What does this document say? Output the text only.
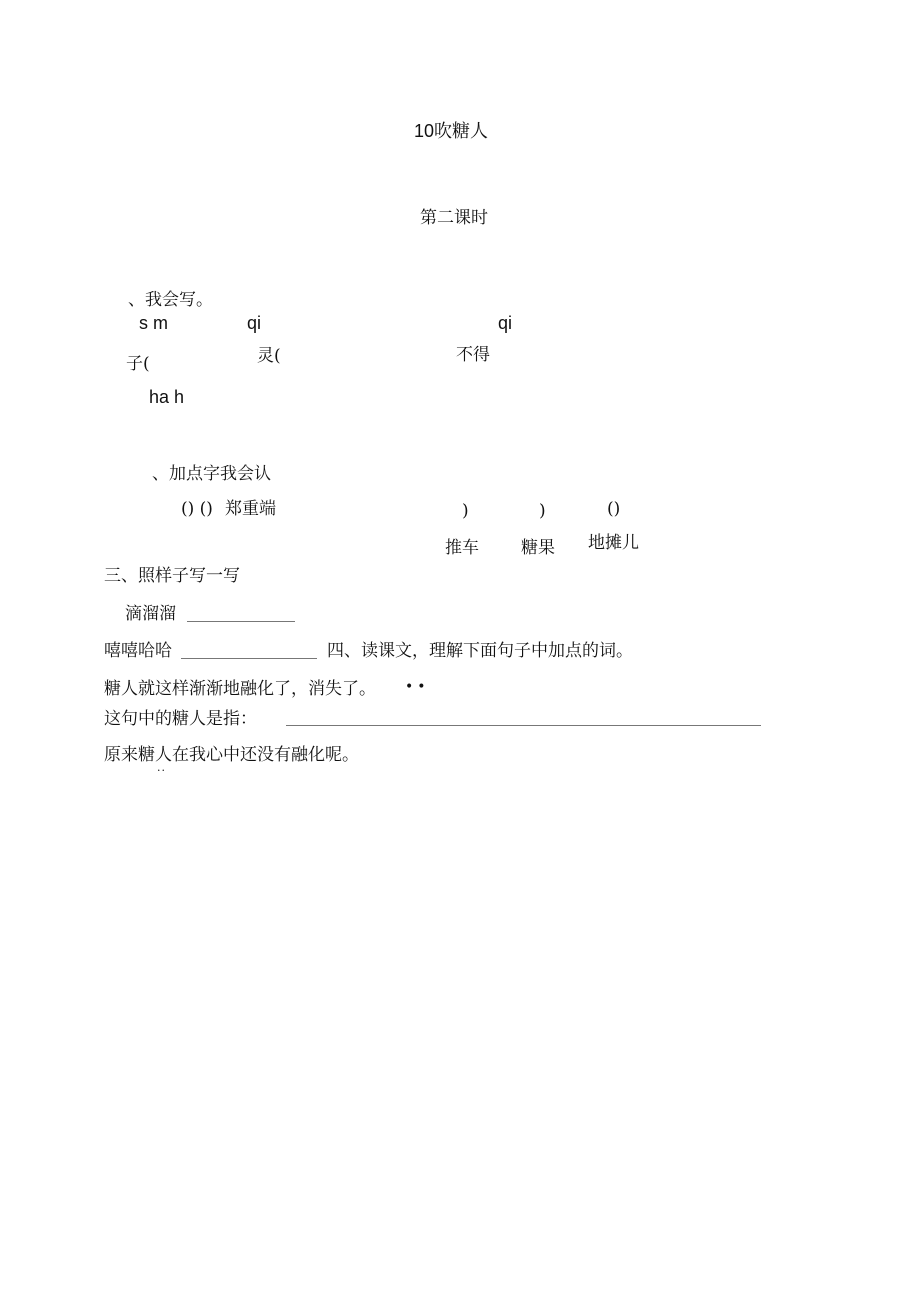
10吹糖人
第二课时
、我会写。
s m	qi	qi
子(	灵(	不得
ha h
、加点字我会认
() () 郑重端	)	)	()
推车 糖果 地摊儿
三、照样子写一写
滴溜溜
嘻嘻哈哈	四、读课文，理解下面句子中加点的词。
糖人就这样渐渐地融化了，消失了。 ••
这句中的糖人是指：
原来糖人在我心中还没有融化呢。
··
